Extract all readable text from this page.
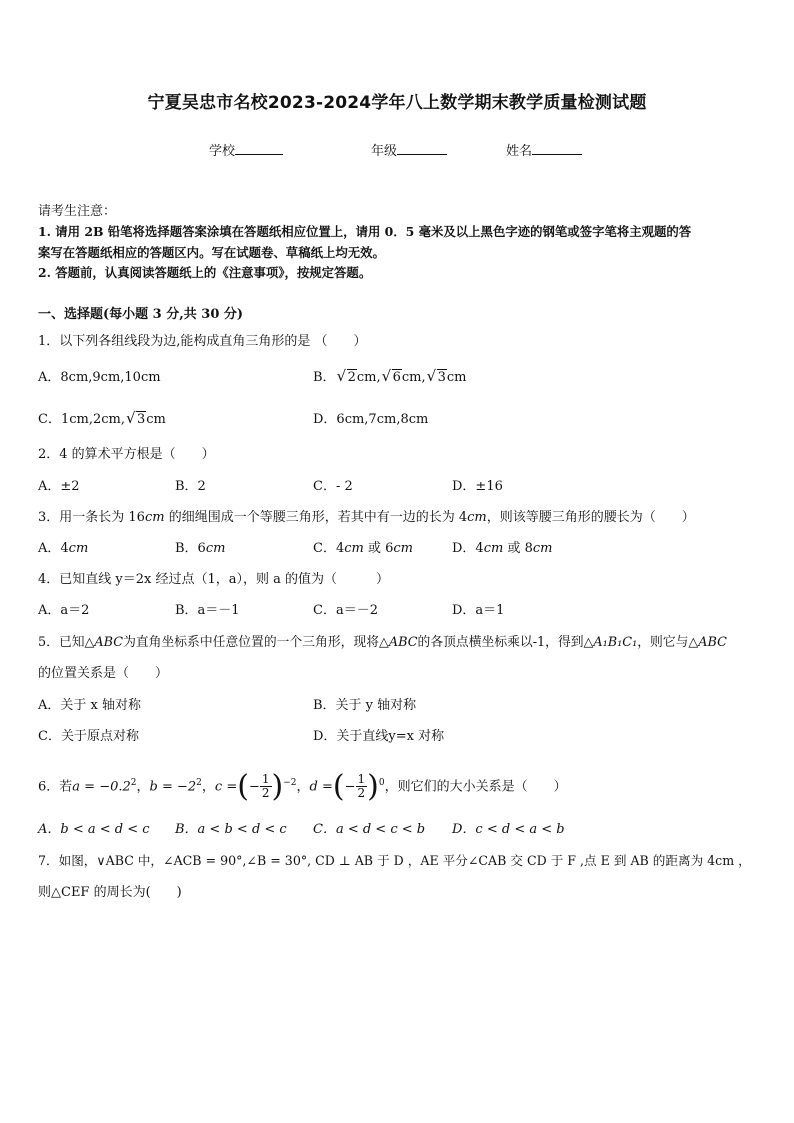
宁夏吴忠市名校2023-2024学年八上数学期末教学质量检测试题
学校	年级	姓名
请考生注意：
1. 请用 2B 铅笔将选择题答案涂填在答题纸相应位置上，请用 0．5 毫米及以上黑色字迹的钢笔或签字笔将主观题的答
案写在答题纸相应的答题区内。写在试题卷、草稿纸上均无效。
2. 答题前，认真阅读答题纸上的《注意事项》，按规定答题。
一、选择题(每小题 3 分,共 30 分)
1．以下列各组线段为边,能构成直角三角形的是 （　　）
A．8cm,9cm,10cm	B． √ 2cm, √ 6cm, √ 3cm
C．1cm,2cm, √ 3cm	D．6cm,7cm,8cm
2．4 的算术平方根是（　　）
A．±2	B．2	C．- 2	D．±16
3．用一条长为 16cm 的细绳围成一个等腰三角形，若其中有一边的长为 4cm，则该等腰三角形的腰长为（　　）
A．4cm	B．6cm	C．4cm 或 6cm	D．4cm 或 8cm
4．已知直线 y＝2x 经过点（1，a），则 a 的值为（　　　）
A．a＝2	B．a＝－1	C．a＝－2	D．a＝1
5．已知△ABC为直角坐标系中任意位置的一个三角形，现将△ABC的各顶点横坐标乘以-1，得到△A₁B₁C₁，则它与△ABC
的位置关系是（　　）
A．关于 x 轴对称	B．关于 y 轴对称
C．关于原点对称	D．关于直线y=x 对称
6．若$a = -0.2^2$，$b = -2^2$，c =(− $\frac{1}{2} )^{-2}$，d =(− $\frac{1}{2} )^0$，则它们的大小关系是（　　）
A．b < a < d < c B．a < b < d < c C．a < d < c < b D．c < d < a < b
7．如图，∨ABC 中，∠ACB = 90°,∠B = 30°, CD ⊥ AB 于 D ，AE 平分∠CAB 交 CD 于 F ,点 E 到 AB 的距离为 4cm ，
则△CEF 的周长为(　　)
